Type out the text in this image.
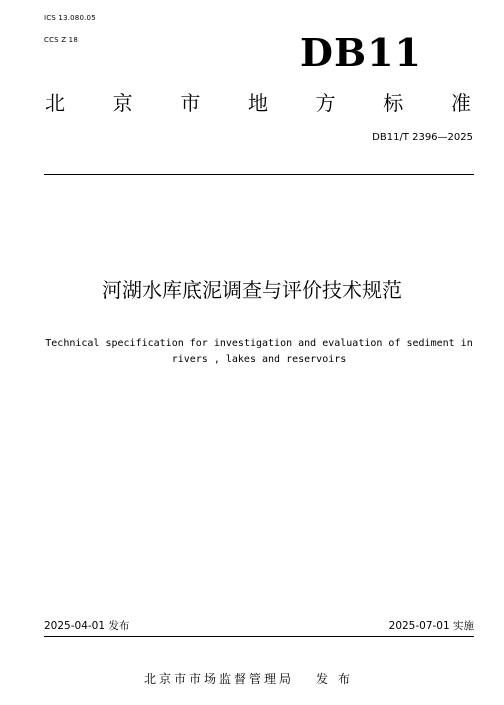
ICS 13.080.05
CCS Z 18	DB11
北 京 市 地 方 标 准
DB11/T 2396—2025
河湖水库底泥调查与评价技术规范
Technical specification for investigation and evaluation of sediment in
rivers , lakes and reservoirs
2025-04-01 发布	2025-07-01 实施
北京市市场监督管理局 发布
